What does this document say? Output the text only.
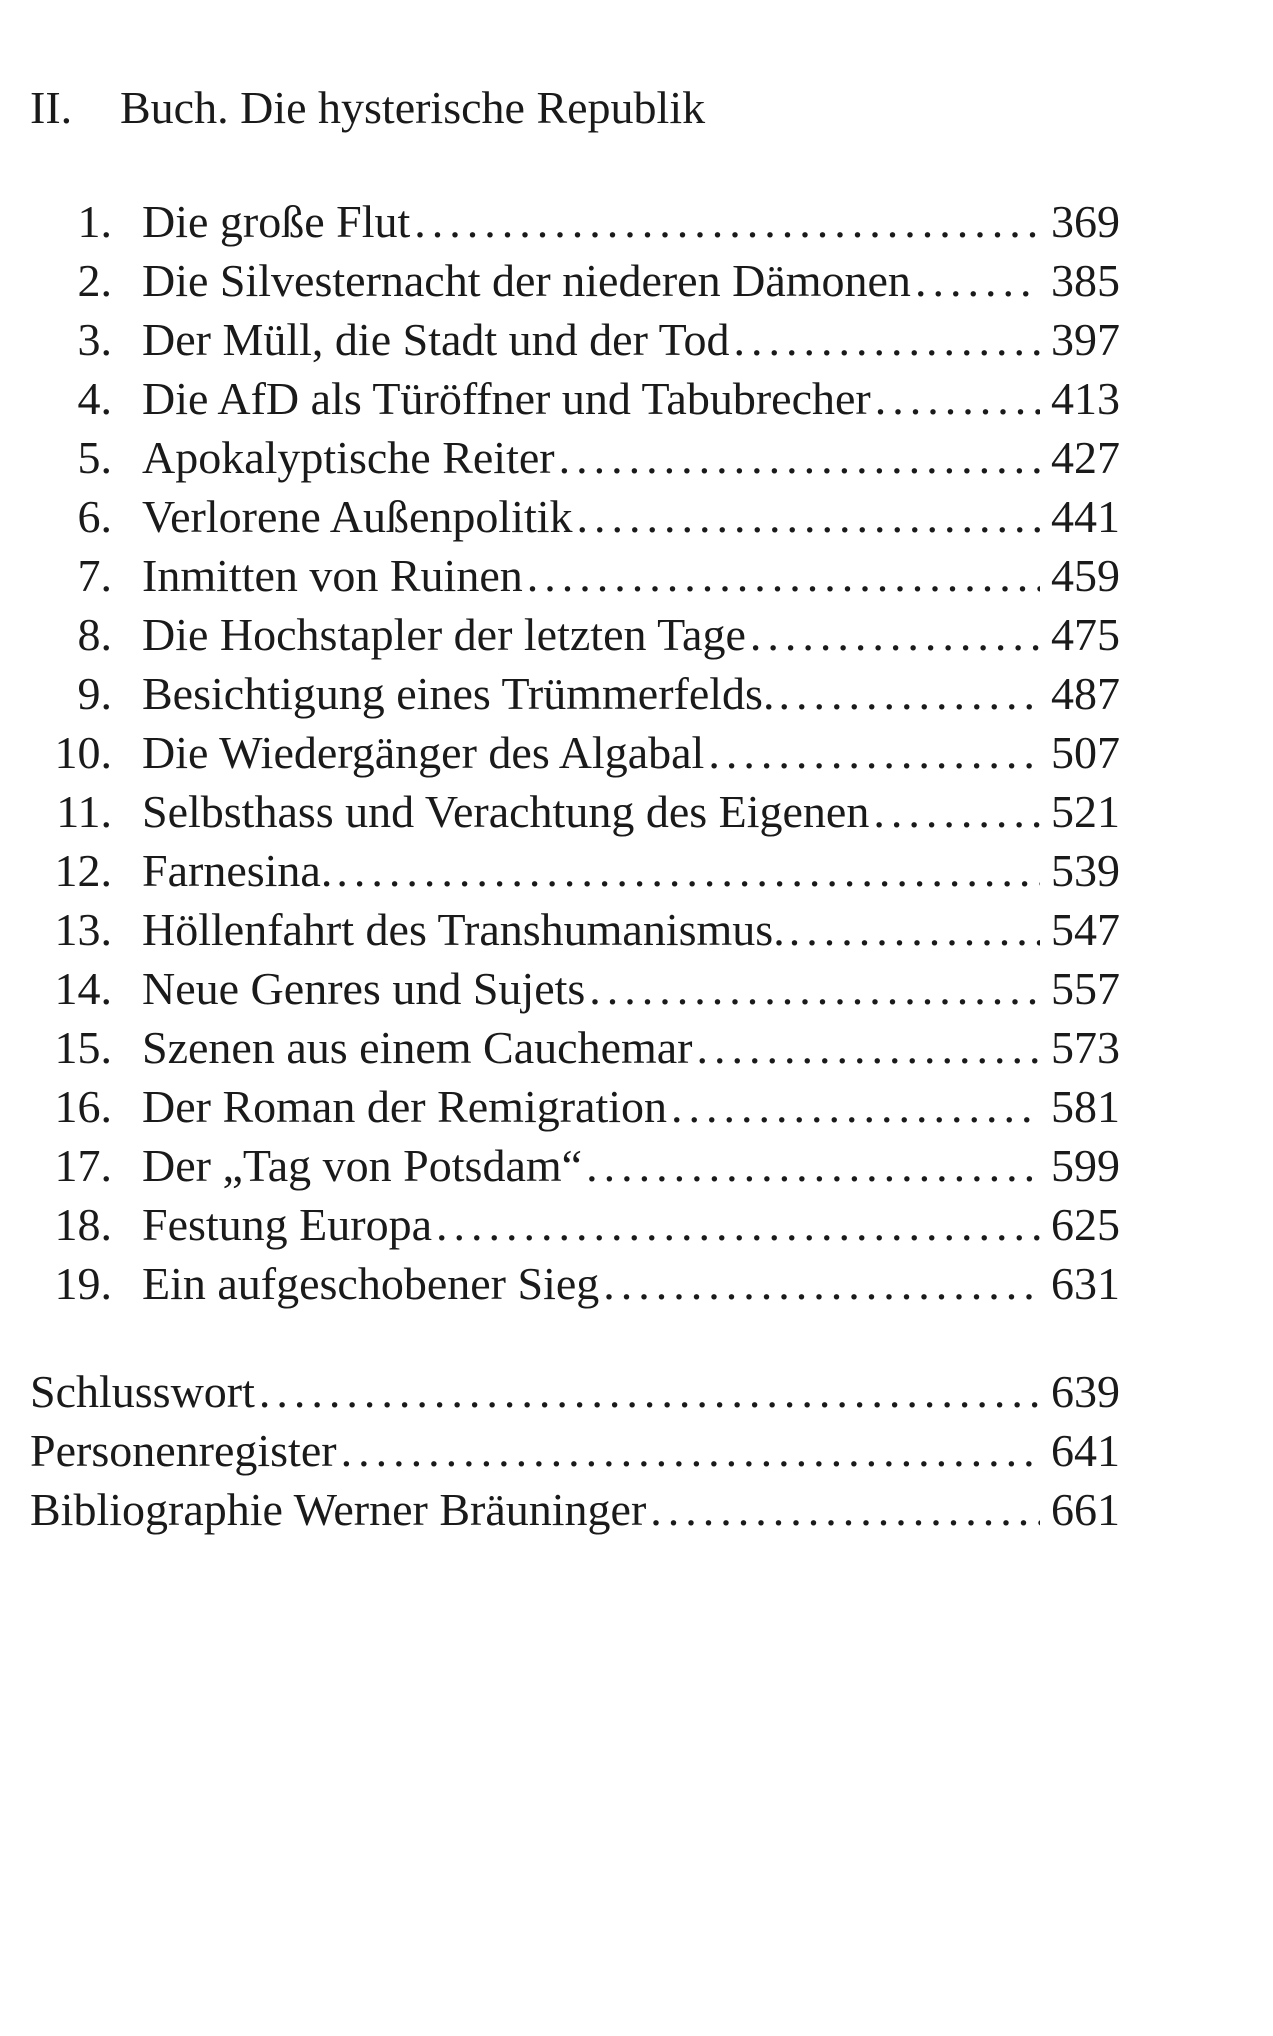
II.	Buch. Die hysterische Republik
1. Die große Flut .....	369
2. Die Silvesternacht der niederen Dämonen .....	385
3. Der Müll, die Stadt und der Tod .....	397
4. Die AfD als Türöffner und Tabubrecher .....	413
5. Apokalyptische Reiter .....	427
6. Verlorene Außenpolitik .....	441
7. Inmitten von Ruinen .....	459
8. Die Hochstapler der letzten Tage .....	475
9. Besichtigung eines Trümmerfelds. .....	487
10. Die Wiedergänger des Algabal .....	507
11. Selbsthass und Verachtung des Eigenen .....	521
12. Farnesina. .....	539
13. Höllenfahrt des Transhumanismus. .....	547
14. Neue Genres und Sujets .....	557
15. Szenen aus einem Cauchemar .....	573
16. Der Roman der Remigration .....	581
17. Der „Tag von Potsdam“ .....	599
18. Festung Europa .....	625
19. Ein aufgeschobener Sieg .....	631
Schlusswort .....	639
Personenregister .....	641
Bibliographie Werner Bräuninger .....	661
